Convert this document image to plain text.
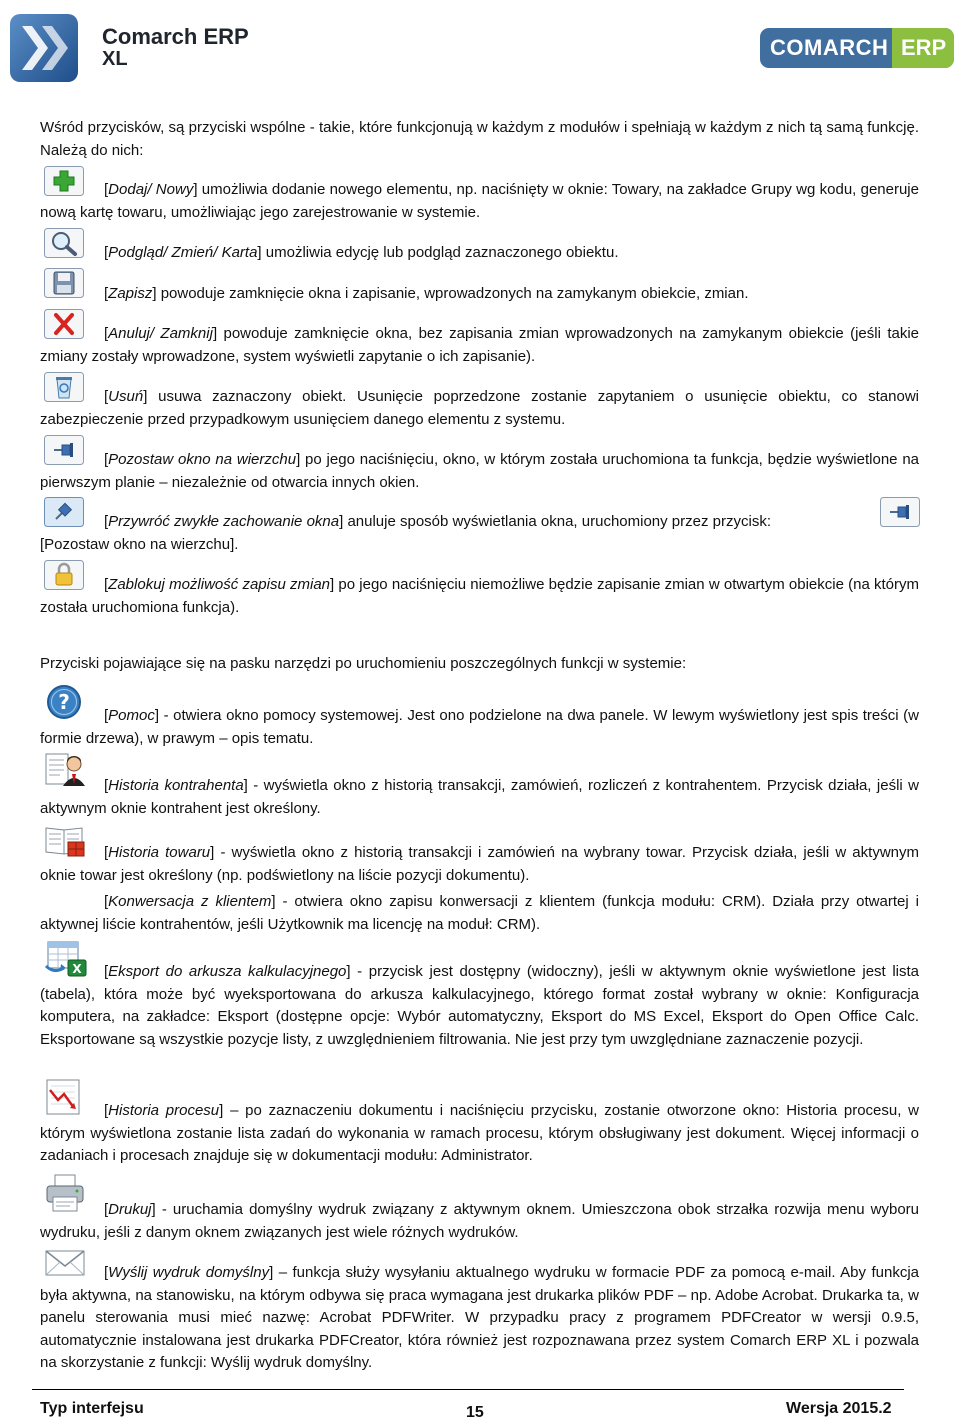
Comarch ERP
XL	COMARCH ERP
Wśród przycisków, są przyciski wspólne - takie, które funkcjonują w każdym z modułów i spełniają w każdym z nich tą samą funkcję. Należą do nich:
[Dodaj/ Nowy] umożliwia dodanie nowego elementu, np. naciśnięty w oknie: Towary, na zakładce Grupy wg kodu, generuje nową kartę towaru, umożliwiając jego zarejestrowanie w systemie.
[Podgląd/ Zmień/ Karta] umożliwia edycję lub podgląd zaznaczonego obiektu.
[Zapisz] powoduje zamknięcie okna i zapisanie, wprowadzonych na zamykanym obiekcie, zmian.
[Anuluj/ Zamknij] powoduje zamknięcie okna, bez zapisania zmian wprowadzonych na zamykanym obiekcie (jeśli takie zmiany zostały wprowadzone, system wyświetli zapytanie o ich zapisanie).
[Usuń] usuwa zaznaczony obiekt. Usunięcie poprzedzone zostanie zapytaniem o usunięcie obiektu, co stanowi zabezpieczenie przed przypadkowym usunięciem danego elementu z systemu.
[Pozostaw okno na wierzchu] po jego naciśnięciu, okno, w którym została uruchomiona ta funkcja, będzie wyświetlone na pierwszym planie – niezależnie od otwarcia innych okien.
[Przywróć zwykłe zachowanie okna] anuluje sposób wyświetlania okna, uruchomiony przez przycisk:
[Pozostaw okno na wierzchu].
[Zablokuj możliwość zapisu zmian] po jego naciśnięciu niemożliwe będzie zapisanie zmian w otwartym obiekcie (na którym została uruchomiona funkcja).
Przyciski pojawiające się na pasku narzędzi po uruchomieniu poszczególnych funkcji w systemie:
?
[Pomoc] - otwiera okno pomocy systemowej. Jest ono podzielone na dwa panele. W lewym wyświetlony jest spis treści (w formie drzewa), w prawym – opis tematu.
[Historia kontrahenta] - wyświetla okno z historią transakcji, zamówień, rozliczeń z kontrahentem. Przycisk działa, jeśli w aktywnym oknie kontrahent jest określony.
[Historia towaru] - wyświetla okno z historią transakcji i zamówień na wybrany towar. Przycisk działa, jeśli w aktywnym oknie towar jest określony (np. podświetlony na liście pozycji dokumentu).
[Konwersacja z klientem] - otwiera okno zapisu konwersacji z klientem (funkcja modułu: CRM). Działa przy otwartej i aktywnej liście kontrahentów, jeśli Użytkownik ma licencję na moduł: CRM).
X	[Eksport do arkusza kalkulacyjnego] - przycisk jest dostępny (widoczny), jeśli w aktywnym oknie wyświetlone jest lista (tabela), która może być wyeksportowana do arkusza kalkulacyjnego, którego format został wybrany w oknie: Konfiguracja komputera, na zakładce: Eksport (dostępne opcje: Wybór automatyczny, Eksport do MS Excel, Eksport do Open Office Calc. Eksportowane są wszystkie pozycje listy, z uwzględnieniem filtrowania. Nie jest przy tym uwzględniane zaznaczenie pozycji.
[Historia procesu] – po zaznaczeniu dokumentu i naciśnięciu przycisku, zostanie otworzone okno: Historia procesu, w którym wyświetlona zostanie lista zadań do wykonania w ramach procesu, którym obsługiwany jest dokument. Więcej informacji o zadaniach i procesach znajduje się w dokumentacji modułu: Administrator.
[Drukuj] - uruchamia domyślny wydruk związany z aktywnym oknem. Umieszczona obok strzałka rozwija menu wyboru wydruku, jeśli z danym oknem związanych jest wiele różnych wydruków.
[Wyślij wydruk domyślny] – funkcja służy wysyłaniu aktualnego wydruku w formacie PDF za pomocą e-mail. Aby funkcja była aktywna, na stanowisku, na którym odbywa się praca wymagana jest drukarka plików PDF – np. Adobe Acrobat. Drukarka ta, w panelu sterowania musi mieć nazwę: Acrobat PDFWriter. W przypadku pracy z programem PDFCreator w wersji 0.9.5, automatycznie instalowana jest drukarka PDFCreator, która również jest rozpoznawana przez system Comarch ERP XL i pozwala na skorzystanie z funkcji: Wyślij wydruk domyślny.
Typ interfejsu	15	Wersja 2015.2
